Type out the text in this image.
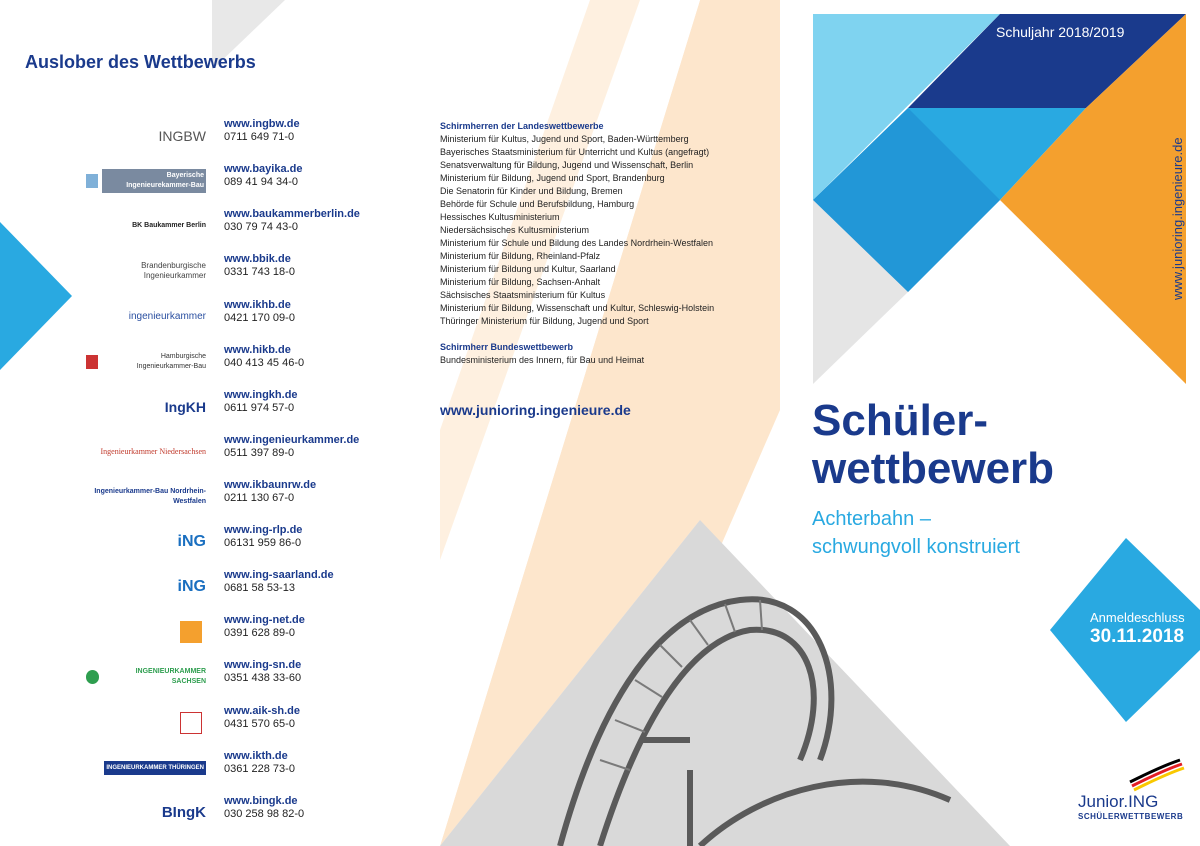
Auslober des Wettbewerbs
INGBW
www.ingbw.de
0711 649 71-0
Bayerische Ingenieurekammer-Bau
www.bayika.de
089 41 94 34-0
BK Baukammer Berlin
www.baukammerberlin.de
030 79 74 43-0
Brandenburgische Ingenieurkammer
www.bbik.de
0331 743 18-0
ingenieurkammer
www.ikhb.de
0421 170 09-0
Hamburgische Ingenieurkammer-Bau
www.hikb.de
040 413 45 46-0
IngKH
www.ingkh.de
0611 974 57-0
Ingenieurkammer Niedersachsen
www.ingenieurkammer.de
0511 397 89-0
Ingenieurkammer-Bau Nordrhein-Westfalen
www.ikbaunrw.de
0211 130 67-0
iNG
www.ing-rlp.de
06131 959 86-0
iNG
www.ing-saarland.de
0681 58 53-13
www.ing-net.de
0391 628 89-0
INGENIEURKAMMER SACHSEN
www.ing-sn.de
0351 438 33-60
www.aik-sh.de
0431 570 65-0
INGENIEURKAMMER THÜRINGEN
www.ikth.de
0361 228 73-0
BIngK
www.bingk.de
030 258 98 82-0
Schirmherren der Landeswettbewerbe
Ministerium für Kultus, Jugend und Sport, Baden-Württemberg
Bayerisches Staatsministerium für Unterricht und Kultus (angefragt)
Senatsverwaltung für Bildung, Jugend und Wissenschaft, Berlin
Ministerium für Bildung, Jugend und Sport, Brandenburg
Die Senatorin für Kinder und Bildung, Bremen
Behörde für Schule und Berufsbildung, Hamburg
Hessisches Kultusministerium
Niedersächsisches Kultusministerium
Ministerium für Schule und Bildung des Landes Nordrhein-Westfalen
Ministerium für Bildung, Rheinland-Pfalz
Ministerium für Bildung und Kultur, Saarland
Ministerium für Bildung, Sachsen-Anhalt
Sächsisches Staatsministerium für Kultus
Ministerium für Bildung, Wissenschaft und Kultur, Schleswig-Holstein
Thüringer Ministerium für Bildung, Jugend und Sport
Schirmherr Bundeswettbewerb
Bundesministerium des Innern, für Bau und Heimat
www.junioring.ingenieure.de
Schuljahr 2018/2019
www.junioring.ingenieure.de
Schüler-
wettbewerb
Achterbahn –
schwungvoll konstruiert
Anmeldeschluss
30.11.2018
Junior.ING
SCHÜLERWETTBEWERB
